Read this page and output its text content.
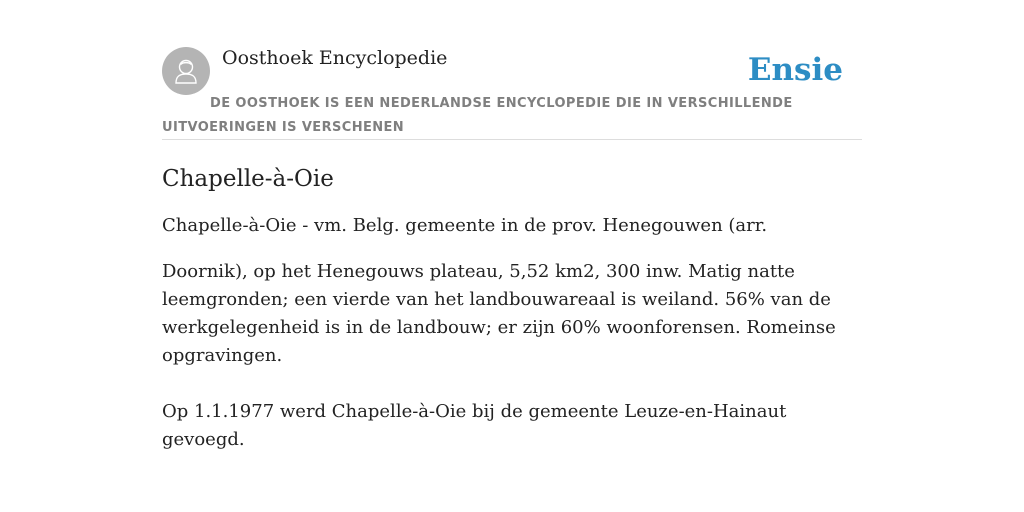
Oosthoek Encyclopedie	Ensie
DE OOSTHOEK IS EEN NEDERLANDSE ENCYCLOPEDIE DIE IN VERSCHILLENDE UITVOERINGEN IS VERSCHENEN
Chapelle-à-Oie

Chapelle-à-Oie - vm. Belg. gemeente in de prov. Henegouwen (arr.

Doornik), op het Henegouws plateau, 5,52 km2, 300 inw. Matig natte leemgronden; een vierde van het landbouwareaal is weiland. 56% van de werkgelegenheid is in de landbouw; er zijn 60% woonforensen. Romeinse opgravingen.

Op 1.1.1977 werd Chapelle-à-Oie bij de gemeente Leuze-en-Hainaut gevoegd.
